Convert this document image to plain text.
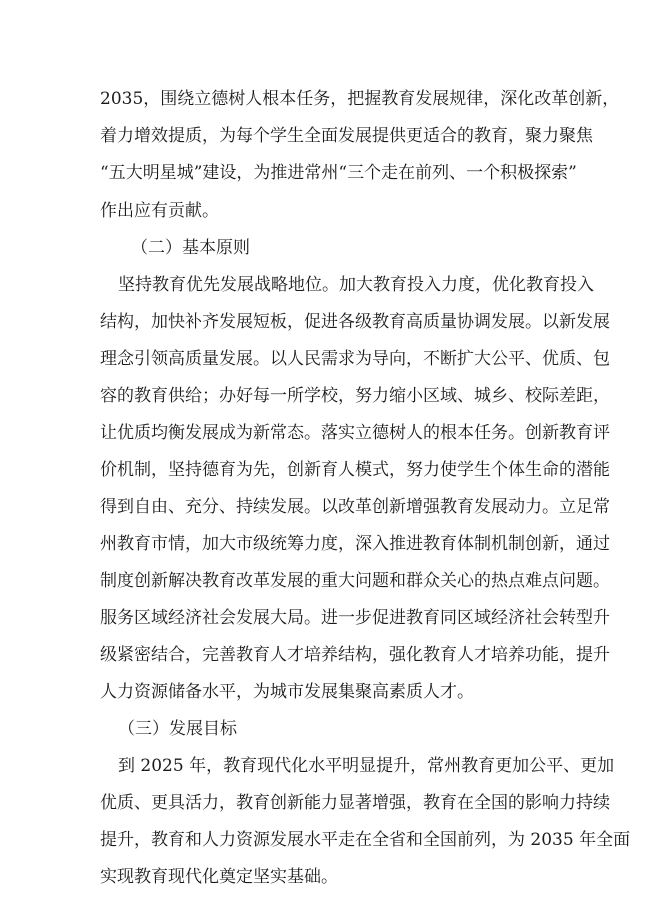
2035，围绕立德树人根本任务，把握教育发展规律，深化改革创新，
着力增效提质，为每个学生全面发展提供更适合的教育，聚力聚焦
“五大明星城”建设，为推进常州“三个走在前列、一个积极探索”
作出应有贡献。
（二）基本原则
坚持教育优先发展战略地位。加大教育投入力度，优化教育投入
结构，加快补齐发展短板，促进各级教育高质量协调发展。以新发展
理念引领高质量发展。以人民需求为导向，不断扩大公平、优质、包
容的教育供给；办好每一所学校，努力缩小区域、城乡、校际差距，
让优质均衡发展成为新常态。落实立德树人的根本任务。创新教育评
价机制，坚持德育为先，创新育人模式，努力使学生个体生命的潜能
得到自由、充分、持续发展。以改革创新增强教育发展动力。立足常
州教育市情，加大市级统筹力度，深入推进教育体制机制创新，通过
制度创新解决教育改革发展的重大问题和群众关心的热点难点问题。
服务区域经济社会发展大局。进一步促进教育同区域经济社会转型升
级紧密结合，完善教育人才培养结构，强化教育人才培养功能，提升
人力资源储备水平，为城市发展集聚高素质人才。
（三）发展目标
到 2025 年，教育现代化水平明显提升，常州教育更加公平、更加
优质、更具活力，教育创新能力显著增强，教育在全国的影响力持续
提升，教育和人力资源发展水平走在全省和全国前列，为 2035 年全面
实现教育现代化奠定坚实基础。
